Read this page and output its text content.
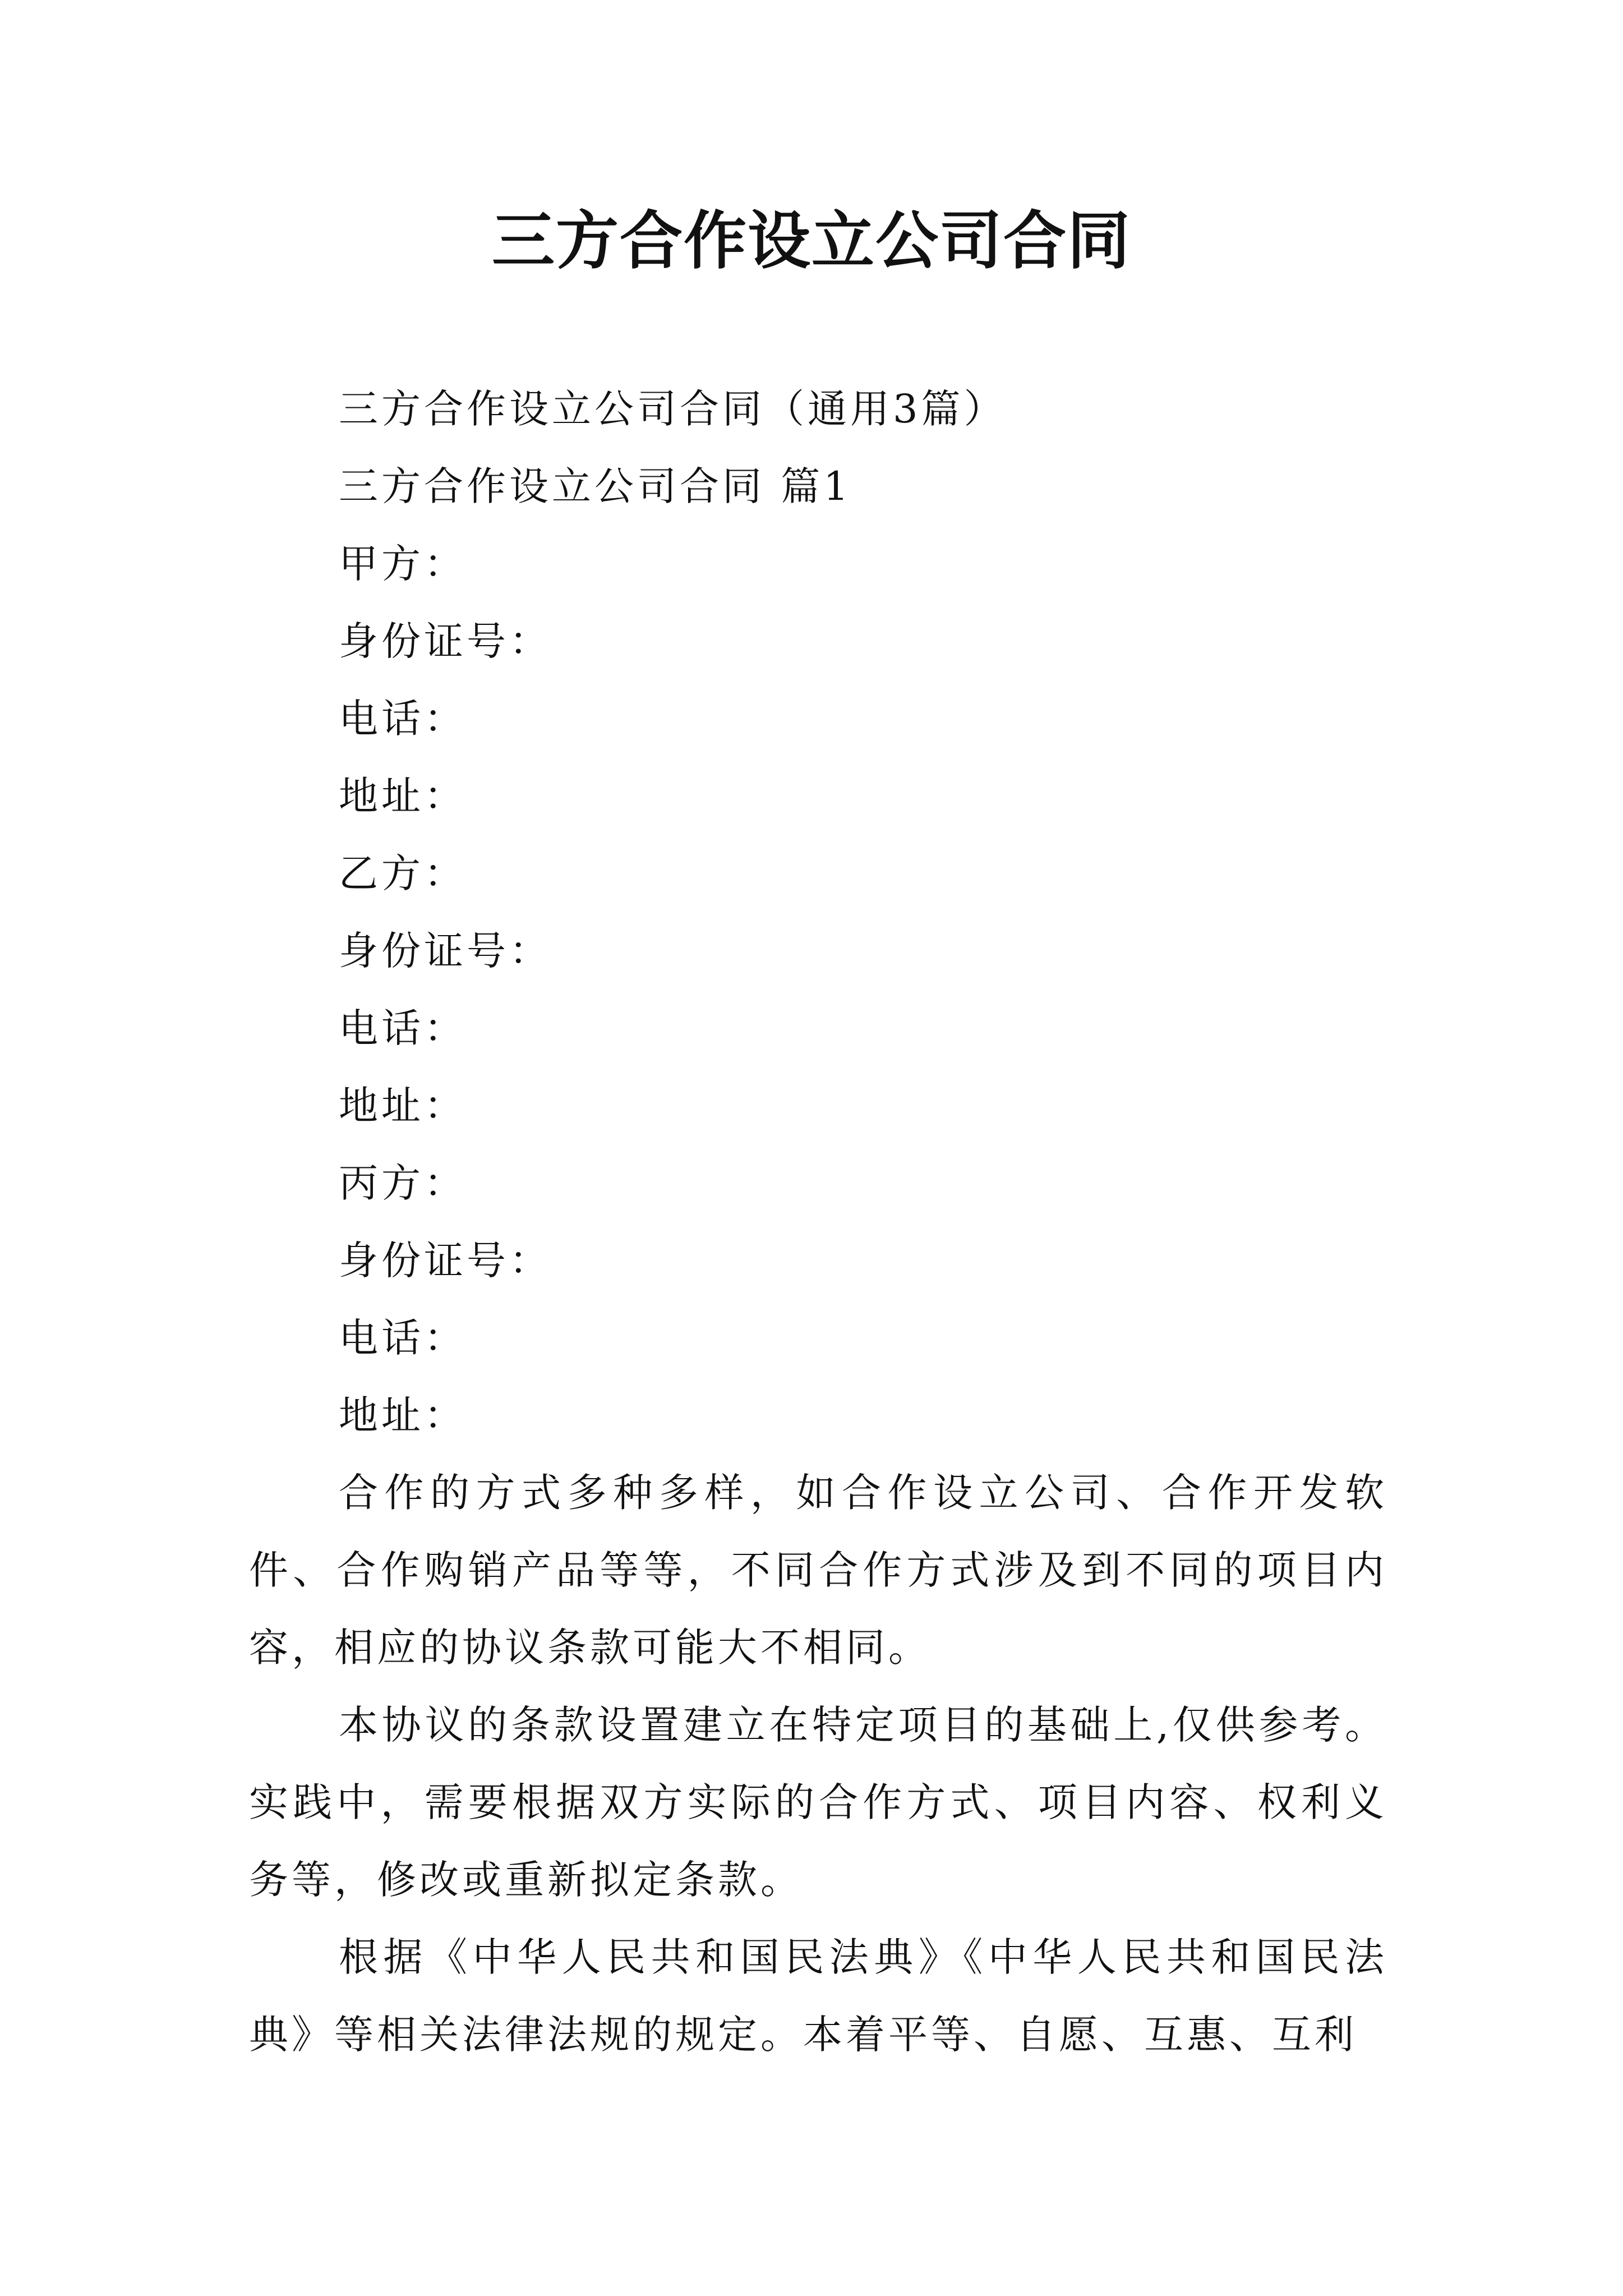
三方合作设立公司合同
三方合作设立公司合同（通用3篇）
三方合作设立公司合同 篇1
甲方：
身份证号：
电话：
地址：
乙方：
身份证号：
电话：
地址：
丙方：
身份证号：
电话：
地址：
合作的方式多种多样，如合作设立公司、合作开发软件、合作购销产品等等，不同合作方式涉及到不同的项目内容，相应的协议条款可能大不相同。
本协议的条款设置建立在特定项目的基础上,仅供参考。实践中，需要根据双方实际的合作方式、项目内容、权利义务等，修改或重新拟定条款。
根据《中华人民共和国民法典》《中华人民共和国民法典》等相关法律法规的规定。本着平等、自愿、互惠、互利
